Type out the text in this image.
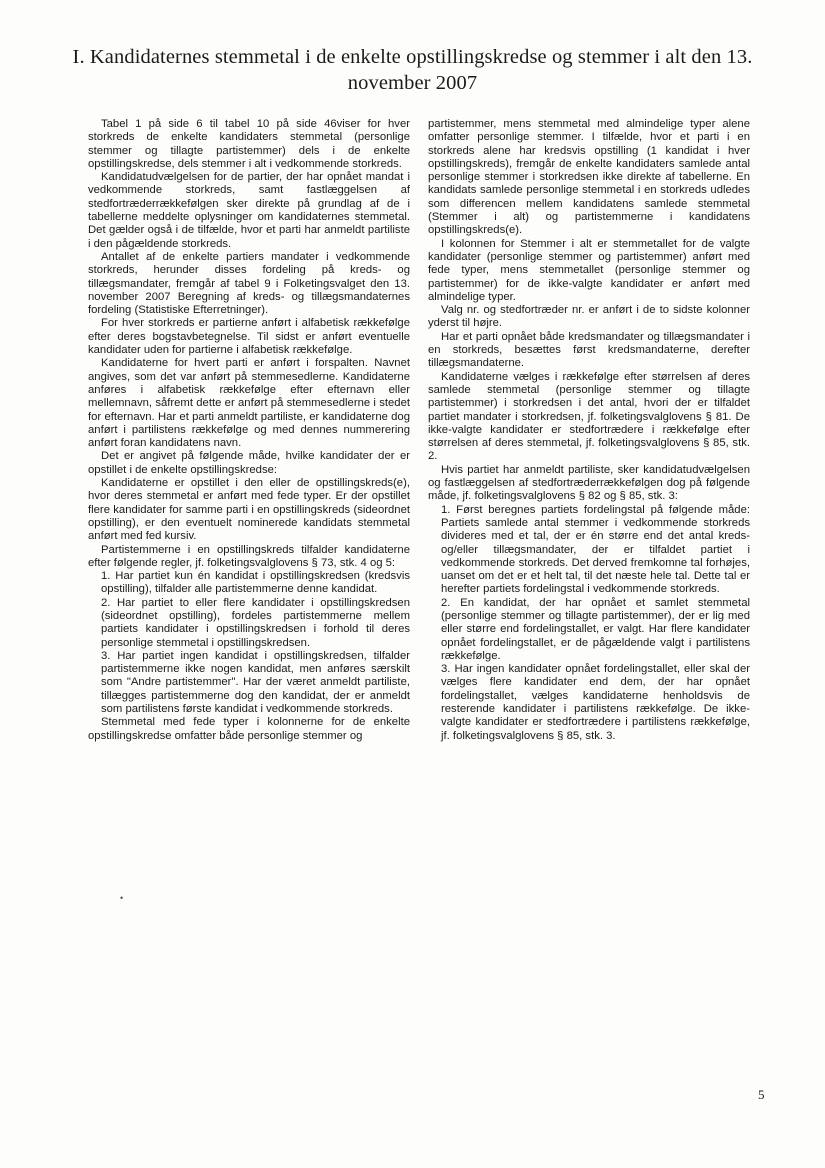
I. Kandidaternes stemmetal i de enkelte opstillingskredse og stemmer i alt den 13. november 2007

Tabel 1 på side 6 til tabel 10 på side 46viser for hver storkreds de enkelte kandidaters stemmetal (personlige stemmer og tillagte partistemmer) dels i de enkelte opstillingskredse, dels stemmer i alt i vedkommende storkreds.

Kandidatudvælgelsen for de partier, der har opnået mandat i vedkommende storkreds, samt fastlæggelsen af stedfortræderrækkefølgen sker direkte på grundlag af de i tabellerne meddelte oplysninger om kandidaternes stemmetal. Det gælder også i de tilfælde, hvor et parti har anmeldt partiliste i den pågældende storkreds.

Antallet af de enkelte partiers mandater i vedkommende storkreds, herunder disses fordeling på kreds- og tillægsmandater, fremgår af tabel 9 i Folketingsvalget den 13. november 2007 Beregning af kreds- og tillægsmandaternes fordeling (Statistiske Efterretninger).

For hver storkreds er partierne anført i alfabetisk rækkefølge efter deres bogstavbetegnelse. Til sidst er anført eventuelle kandidater uden for partierne i alfabetisk rækkefølge.

Kandidaterne for hvert parti er anført i forspalten. Navnet angives, som det var anført på stemmesedlerne. Kandidaterne anføres i alfabetisk rækkefølge efter efternavn eller mellemnavn, såfremt dette er anført på stemmesedlerne i stedet for efternavn. Har et parti anmeldt partiliste, er kandidaterne dog anført i partilistens rækkefølge og med dennes nummerering anført foran kandidatens navn.

Det er angivet på følgende måde, hvilke kandidater der er opstillet i de enkelte opstillingskredse:

Kandidaterne er opstillet i den eller de opstillingskreds(e), hvor deres stemmetal er anført med fede typer. Er der opstillet flere kandidater for samme parti i en opstillingskreds (sideordnet opstilling), er den eventuelt nominerede kandidats stemmetal anført med fed kursiv.

Partistemmerne i en opstillingskreds tilfalder kandidaterne efter følgende regler, jf. folketingsvalglovens § 73, stk. 4 og 5:

1. Har partiet kun én kandidat i opstillingskredsen (kredsvis opstilling), tilfalder alle partistemmerne denne kandidat.

2. Har partiet to eller flere kandidater i opstillingskredsen (sideordnet opstilling), fordeles partistemmerne mellem partiets kandidater i opstillingskredsen i forhold til deres personlige stemmetal i opstillingskredsen.

3. Har partiet ingen kandidat i opstillingskredsen, tilfalder partistemmerne ikke nogen kandidat, men anføres særskilt som "Andre partistemmer". Har der været anmeldt partiliste, tillægges partistemmerne dog den kandidat, der er anmeldt som partilistens første kandidat i vedkommende storkreds.

Stemmetal med fede typer i kolonnerne for de enkelte opstillingskredse omfatter både personlige stemmer og

partistemmer, mens stemmetal med almindelige typer alene omfatter personlige stemmer. I tilfælde, hvor et parti i en storkreds alene har kredsvis opstilling (1 kandidat i hver opstillingskreds), fremgår de enkelte kandidaters samlede antal personlige stemmer i storkredsen ikke direkte af tabellerne. En kandidats samlede personlige stemmetal i en storkreds udledes som differencen mellem kandidatens samlede stemmetal (Stemmer i alt) og partistemmerne i kandidatens opstillingskreds(e).

I kolonnen for Stemmer i alt er stemmetallet for de valgte kandidater (personlige stemmer og partistemmer) anført med fede typer, mens stemmetallet (personlige stemmer og partistemmer) for de ikke-valgte kandidater er anført med almindelige typer.

Valg nr. og stedfortræder nr. er anført i de to sidste kolonner yderst til højre.

Har et parti opnået både kredsmandater og tillægsmandater i en storkreds, besættes først kredsmandaterne, derefter tillægsmandaterne.

Kandidaterne vælges i rækkefølge efter størrelsen af deres samlede stemmetal (personlige stemmer og tillagte partistemmer) i storkredsen i det antal, hvori der er tilfaldet partiet mandater i storkredsen, jf. folketingsvalglovens § 81. De ikke-valgte kandidater er stedfortrædere i rækkefølge efter størrelsen af deres stemmetal, jf. folketingsvalglovens § 85, stk. 2.

Hvis partiet har anmeldt partiliste, sker kandidatudvælgelsen og fastlæggelsen af stedfortræderrækkefølgen dog på følgende måde, jf. folketingsvalglovens § 82 og § 85, stk. 3:

1. Først beregnes partiets fordelingstal på følgende måde: Partiets samlede antal stemmer i vedkommende storkreds divideres med et tal, der er én større end det antal kreds- og/eller tillægsmandater, der er tilfaldet partiet i vedkommende storkreds. Det derved fremkomne tal forhøjes, uanset om det er et helt tal, til det næste hele tal. Dette tal er herefter partiets fordelingstal i vedkommende storkreds.

2. En kandidat, der har opnået et samlet stemmetal (personlige stemmer og tillagte partistemmer), der er lig med eller større end fordelingstallet, er valgt. Har flere kandidater opnået fordelingstallet, er de pågældende valgt i partilistens rækkefølge.

3. Har ingen kandidater opnået fordelingstallet, eller skal der vælges flere kandidater end dem, der har opnået fordelingstallet, vælges kandidaterne henholdsvis de resterende kandidater i partilistens rækkefølge. De ikke-valgte kandidater er stedfortrædere i partilistens rækkefølge, jf. folketingsvalglovens § 85, stk. 3.

•
5
